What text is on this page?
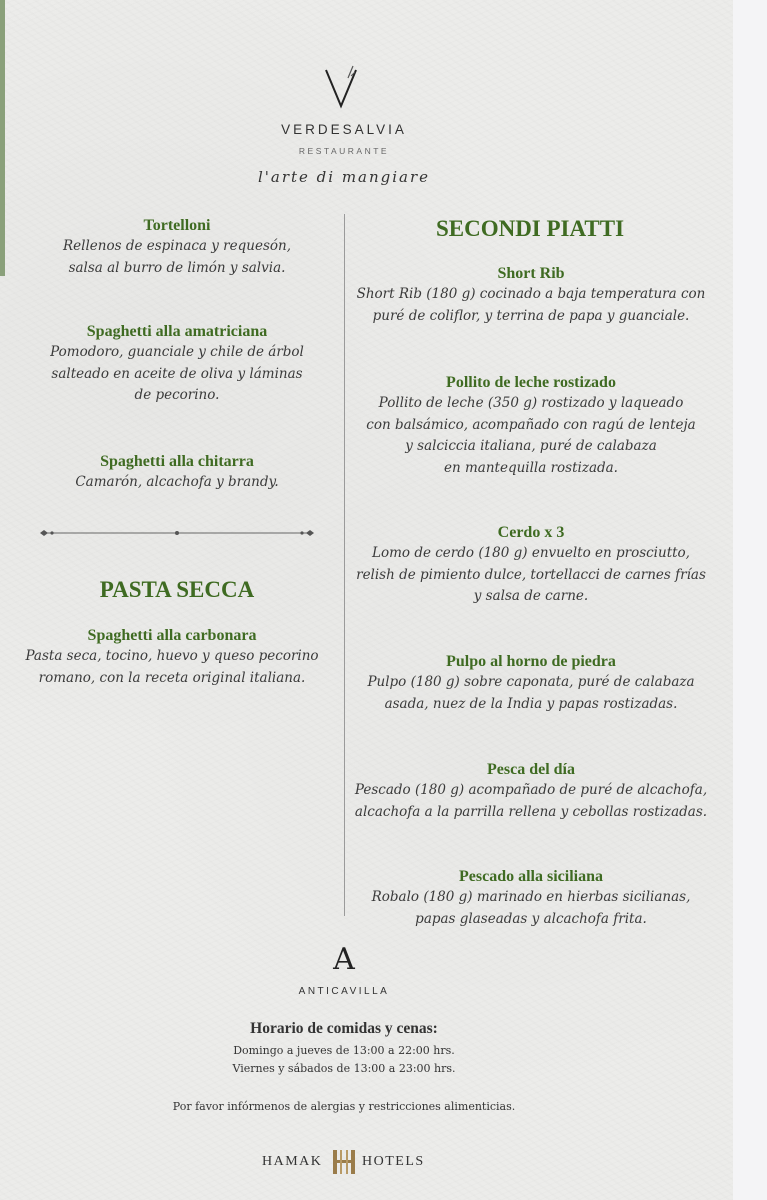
VERDESALVIA
RESTAURANTE
l'arte di mangiare
Tortelloni
Rellenos de espinaca y requesón,
salsa al burro de limón y salvia.
Spaghetti alla amatriciana
Pomodoro, guanciale y chile de árbol
salteado en aceite de oliva y láminas
de pecorino.
Spaghetti alla chitarra
Camarón, alcachofa y brandy.
PASTA SECCA
Spaghetti alla carbonara
Pasta seca, tocino, huevo y queso pecorino
romano, con la receta original italiana.
SECONDI PIATTI
Short Rib
Short Rib (180 g) cocinado a baja temperatura con
puré de coliflor, y terrina de papa y guanciale.
Pollito de leche rostizado
Pollito de leche (350 g) rostizado y laqueado
con balsámico, acompañado con ragú de lenteja
y salciccia italiana, puré de calabaza
en mantequilla rostizada.
Cerdo x 3
Lomo de cerdo (180 g) envuelto en prosciutto,
relish de pimiento dulce, tortellacci de carnes frías
y salsa de carne.
Pulpo al horno de piedra
Pulpo (180 g) sobre caponata, puré de calabaza
asada, nuez de la India y papas rostizadas.
Pesca del día
Pescado (180 g) acompañado de puré de alcachofa,
alcachofa a la parrilla rellena y cebollas rostizadas.
Pescado alla siciliana
Robalo (180 g) marinado en hierbas sicilianas,
papas glaseadas y alcachofa frita.
A
ANTICAVILLA
Horario de comidas y cenas:
Domingo a jueves de 13:00 a 22:00 hrs.
Viernes y sábados de 13:00 a 23:00 hrs.
Por favor infórmenos de alergias y restricciones alimenticias.
HAMAK	HOTELS
